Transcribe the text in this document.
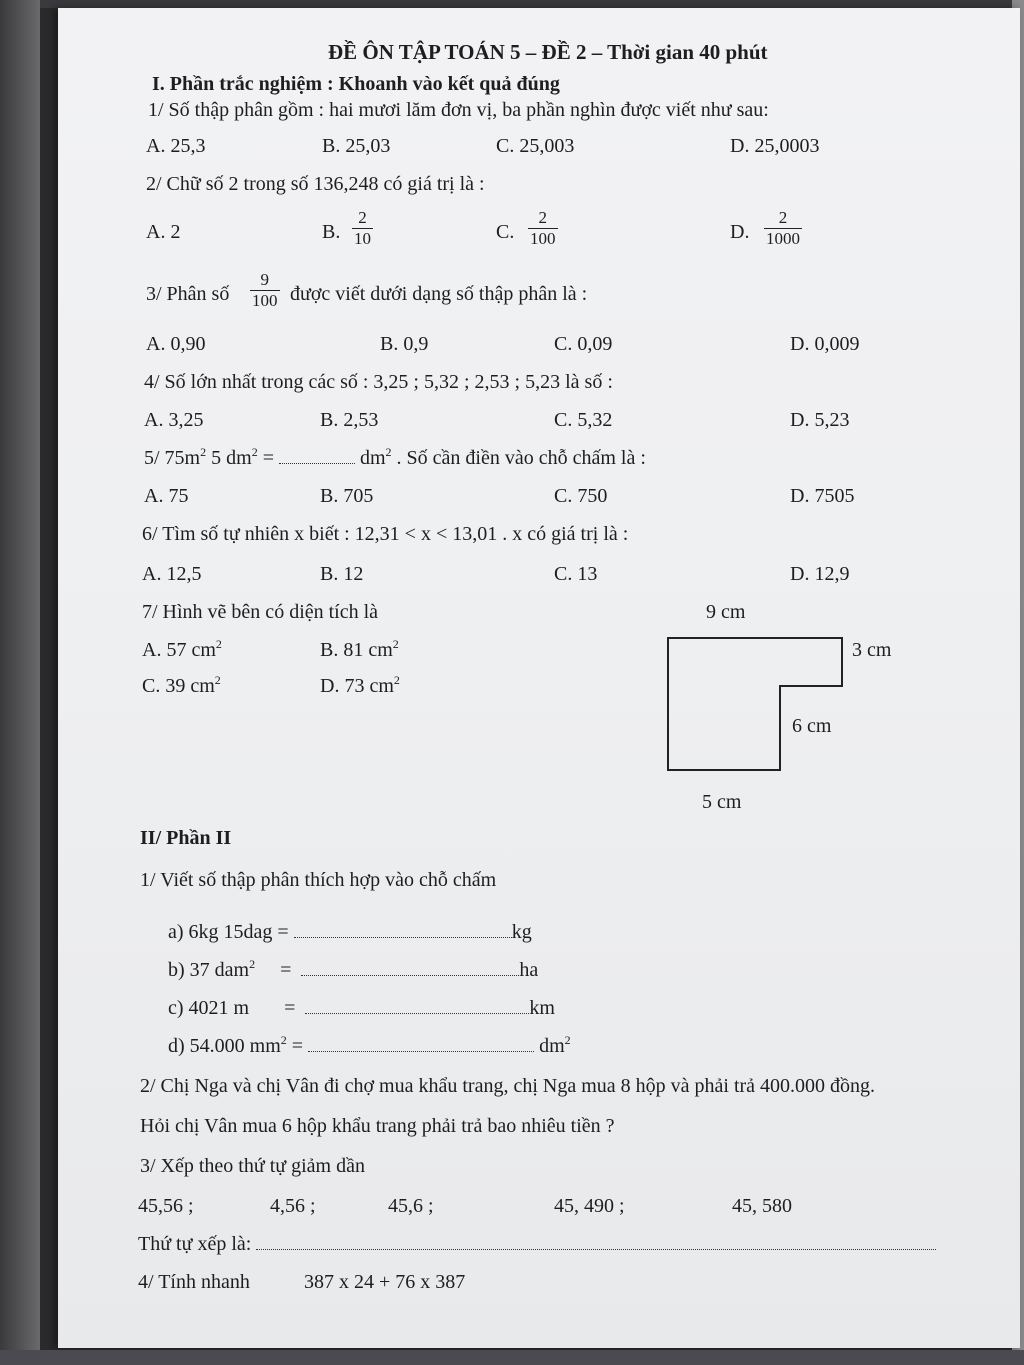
ĐỀ ÔN TẬP TOÁN 5 – ĐỀ 2 – Thời gian 40 phút
I. Phần trắc nghiệm : Khoanh vào kết quả đúng
1/ Số thập phân gồm : hai mươi lăm đơn vị, ba phần nghìn được viết như sau:
A. 25,3	B. 25,03	C. 25,003	D. 25,0003
2/ Chữ số 2 trong số 136,248 có giá trị là :
A. 2	B. $\frac{2}{10}$	C. $\frac{2}{100}$	D. $\frac{2}{1000}$
3/ Phân số $\frac{9}{100}$ được viết dưới dạng số thập phân là :
A. 0,90	B. 0,9	C. 0,09	D. 0,009
4/ Số lớn nhất trong các số : 3,25 ; 5,32 ; 2,53 ; 5,23 là số :
A. 3,25	B. 2,53	C. 5,32	D. 5,23
5/ $75m^2$ 5 $dm^2$ =	$dm^2$ . Số cần điền vào chỗ chấm là :
A. 75	B. 705	C. 750	D. 7505
6/ Tìm số tự nhiên x biết : 12,31 < x < 13,01 . x có giá trị là :
A. 12,5	B. 12	C. 13	D. 12,9
7/ Hình vẽ bên có diện tích là
A. 57 $cm^2$	B. 81 $cm^2$
C. 39 $cm^2$	D. 73 $cm^2$
9 cm
3 cm
6 cm
5 cm
II/ Phần II
1/ Viết số thập phân thích hợp vào chỗ chấm
a) 6kg 15dag =	kg
b) 37 dam$^2$ =	ha
c) 4021 m =	km
d) 54.000 $mm^2$ =	$dm^2$
2/ Chị Nga và chị Vân đi chợ mua khẩu trang, chị Nga mua 8 hộp và phải trả 400.000 đồng.
Hỏi chị Vân mua 6 hộp khẩu trang phải trả bao nhiêu tiền ?
3/ Xếp theo thứ tự giảm dần
45,56 ;	4,56 ;	45,6 ;	45, 490 ;	45, 580
Thứ tự xếp là:
4/ Tính nhanh	387 x 24 + 76 x 387
